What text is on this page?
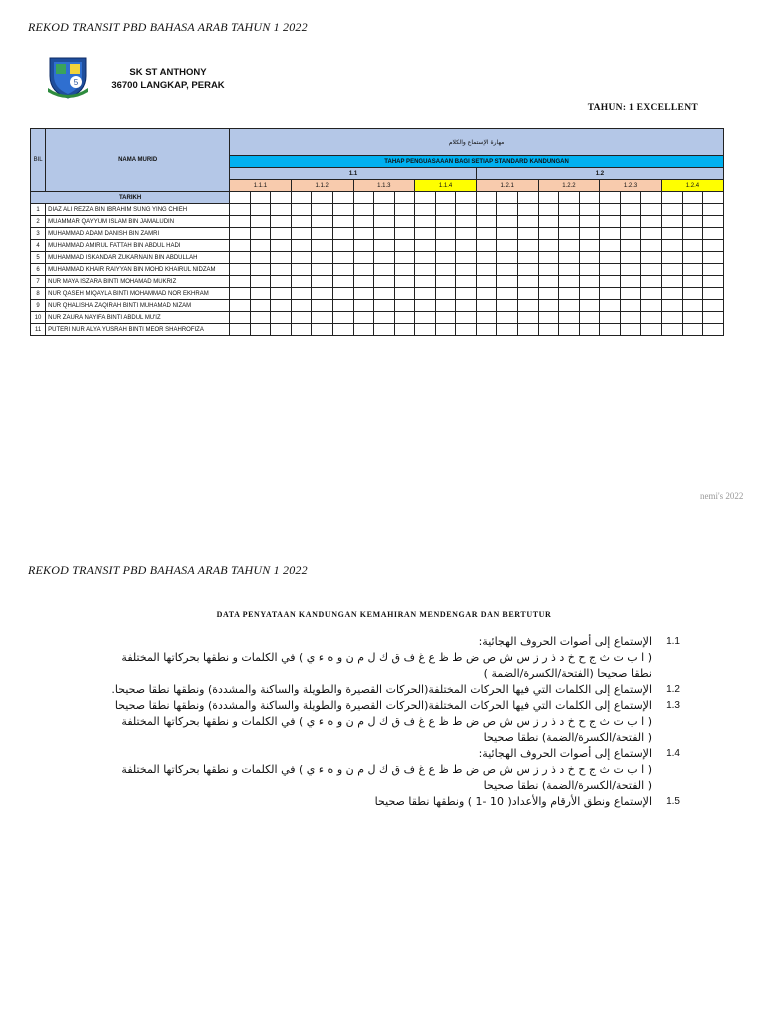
REKOD TRANSIT PBD BAHASA ARAB TAHUN 1 2022
5
SK ST ANTHONY
36700 LANGKAP, PERAK
TAHUN: 1 EXCELLENT
BIL	NAMA MURID	مهارة الإستماع والكلام																							
		TAHAP PENGUASAAAN BAGI SETIAP STANDARD KANDUNGAN																							
		1.1												1.2											
		1.1.1			1.1.2			1.1.3			1.1.4			1.2.1			1.2.2			1.2.3			1.2.4		
TARIKH																									
1	DIAZ ALI REZZA BIN IBRAHIM SUNG YING CHIEH																								
2	MUAMMAR QAYYUM ISLAM BIN JAMALUDIN																								
3	MUHAMMAD ADAM DANISH BIN ZAMRI																								
4	MUHAMMAD AMIRUL FATTAH BIN ABDUL HADI																								
5	MUHAMMAD ISKANDAR ZUKARNAIN BIN ABDULLAH																								
6	MUHAMMAD KHAIR RAIYYAN BIN MOHD KHAIRUL NIDZAM																								
7	NUR MAYA ISZARA BINTI MOHAMAD MUKRIZ																								
8	NUR QASEH MIQAYLA BINTI MOHAMMAD NOR EKHRAM																								
9	NUR QHALISHA ZAQIRAH BINTI MUHAMAD NIZAM																								
10	NUR ZAURA NAYIFA BINTI ABDUL MU'IZ																								
11	PUTERI NUR ALYA YUSRAH BINTI MEOR SHAHROFIZA																								
nemi's 2022
REKOD TRANSIT PBD BAHASA ARAB TAHUN 1 2022
DATA PENYATAAN KANDUNGAN KEMAHIRAN MENDENGAR DAN BERTUTUR
1.1
الإستماع إلى أصوات الحروف الهجائية:
( ا ب ت ث ج ح خ د ذ ر ز س ش ص ض ط ظ ع غ ف ق ك ل م ن و ه ء ي ) في الكلمات و نطقها بحركاتها المختلفة
نطقا صحيحا (الفتحة/الكسرة/الضمة )
1.2
الإستماع إلى الكلمات التي فيها الحركات المختلفة(الحركات القصيرة والطويلة والساكنة والمشددة) ونطقها نطقا صحيحا.
1.3
الإستماع إلى الكلمات التي فيها الحركات المختلفة(الحركات القصيرة والطويلة والساكنة والمشددة) ونطقها نطقا صحيحا
( ا ب ت ث ج ح خ د ذ ر ز س ش ص ض ط ظ ع غ ف ق ك ل م ن و ه ء ي ) في الكلمات و نطقها بحركاتها المختلفة
( الفتحة/الكسرة/الضمة) نطقا صحيحا
1.4
الإستماع إلى أصوات الحروف الهجائية:
( ا ب ت ث ج ح خ د ذ ر ز س ش ص ض ط ظ ع غ ف ق ك ل م ن و ه ء ي ) في الكلمات و نطقها بحركاتها المختلفة
( الفتحة/الكسرة/الضمة) نطقا صحيحا
1.5
الإستماع ونطق الأرقام والأعداد( 10 -1 ) ونطقها نطقا صحيحا
